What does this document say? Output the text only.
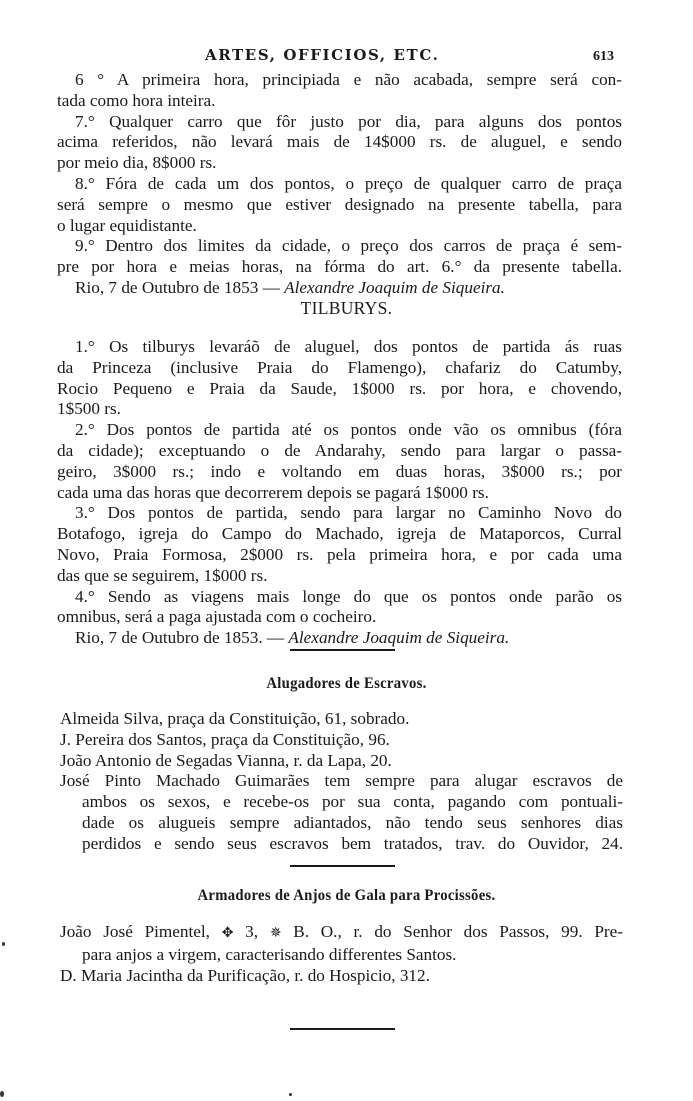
ARTES, OFFICIOS, ETC.	613
6 ° A primeira hora, principiada e não acabada, sempre será con-
tada como hora inteira.
7.° Qualquer carro que fôr justo por dia, para alguns dos pontos
acima referidos, não levará mais de 14$000 rs. de aluguel, e sendo
por meio dia, 8$000 rs.
8.° Fóra de cada um dos pontos, o preço de qualquer carro de praça
será sempre o mesmo que estiver designado na presente tabella, para
o lugar equidistante.
9.° Dentro dos limites da cidade, o preço dos carros de praça é sem-
pre por hora e meias horas, na fórma do art. 6.° da presente tabella.
Rio, 7 de Outubro de 1853 — Alexandre Joaquim de Siqueira.
TILBURYS.
1.° Os tilburys levaráõ de aluguel, dos pontos de partida ás ruas
da Princeza (inclusive Praia do Flamengo), chafariz do Catumby,
Rocio Pequeno e Praia da Saude, 1$000 rs. por hora, e chovendo,
1$500 rs.
2.° Dos pontos de partida até os pontos onde vão os omnibus (fóra
da cidade); exceptuando o de Andarahy, sendo para largar o passa-
geiro, 3$000 rs.; indo e voltando em duas horas, 3$000 rs.; por
cada uma das horas que decorrerem depois se pagará 1$000 rs.
3.° Dos pontos de partida, sendo para largar no Caminho Novo do
Botafogo, igreja do Campo do Machado, igreja de Mataporcos, Curral
Novo, Praia Formosa, 2$000 rs. pela primeira hora, e por cada uma
das que se seguirem, 1$000 rs.
4.° Sendo as viagens mais longe do que os pontos onde parão os
omnibus, será a paga ajustada com o cocheiro.
Rio, 7 de Outubro de 1853. — Alexandre Joaquim de Siqueira.
Alugadores de Escravos.
Almeida Silva, praça da Constituição, 61, sobrado.
J. Pereira dos Santos, praça da Constituição, 96.
João Antonio de Segadas Vianna, r. da Lapa, 20.
José Pinto Machado Guimarães tem sempre para alugar escravos de
ambos os sexos, e recebe-os por sua conta, pagando com pontuali-
dade os alugueis sempre adiantados, não tendo seus senhores dias
perdidos e sendo seus escravos bem tratados, trav. do Ouvidor, 24.
Armadores de Anjos de Gala para Procissões.
João José Pimentel, ✥ 3, ✵ B. O., r. do Senhor dos Passos, 99. Pre-
para anjos a virgem, caracterisando differentes Santos.
D. Maria Jacintha da Purificação, r. do Hospicio, 312.
